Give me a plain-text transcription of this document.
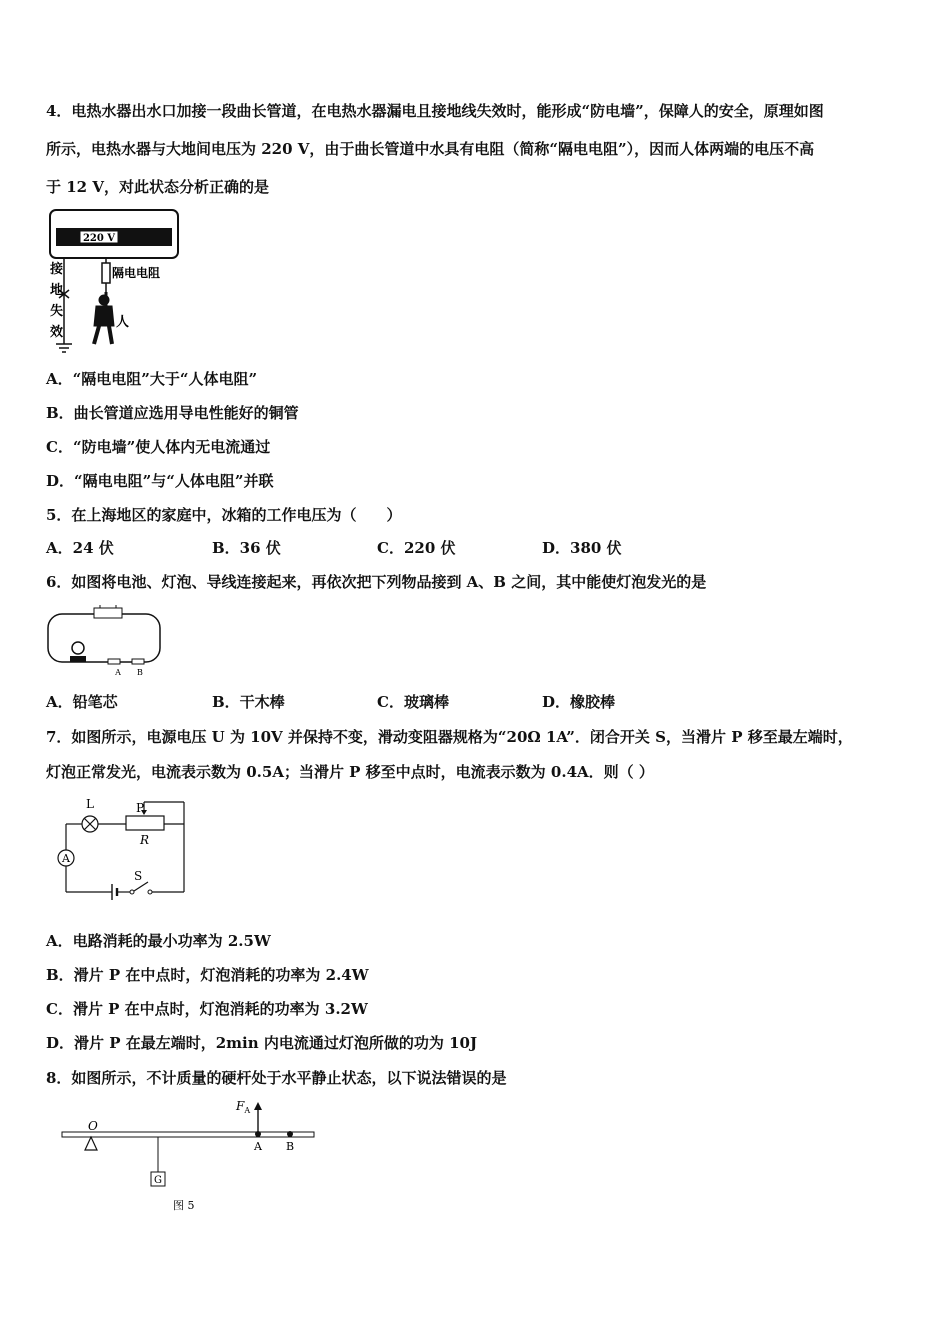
4．电热水器出水口加接一段曲长管道，在电热水器漏电且接地线失效时，能形成“防电墙”，保障人的安全，原理如图
所示，电热水器与大地间电压为 220 V，由于曲长管道中水具有电阻（简称“隔电电阻”），因而人体两端的电压不高
于 12 V，对此状态分析正确的是
220 V
接
地
失
效
隔电电阻
人
A．“隔电电阻”大于“人体电阻”
B．曲长管道应选用导电性能好的铜管
C．“防电墙”使人体内无电流通过
D．“隔电电阻”与“人体电阻”并联
5．在上海地区的家庭中，冰箱的工作电压为（　　）
A．24 伏	B．36 伏	C．220 伏	D．380 伏
6．如图将电池、灯泡、导线连接起来，再依次把下列物品接到 A、B 之间，其中能使灯泡发光的是
A B
A．铅笔芯	B．干木棒	C．玻璃棒	D．橡胶棒
7．如图所示，电源电压 U 为 10V 并保持不变，滑动变阻器规格为“20Ω 1A”．闭合开关 S，当滑片 P 移至最左端时，
灯泡正常发光，电流表示数为 0.5A；当滑片 P 移至中点时，电流表示数为 0.4A．则（ ）
L	P
R
A
S
A．电路消耗的最小功率为 2.5W
B．滑片 P 在中点时，灯泡消耗的功率为 2.4W
C．滑片 P 在中点时，灯泡消耗的功率为 3.2W
D．滑片 P 在最左端时，2min 内电流通过灯泡所做的功为 10J
8．如图所示，不计质量的硬杆处于水平静止状态，以下说法错误的是
O
G
$F_A$
A B
图 5
